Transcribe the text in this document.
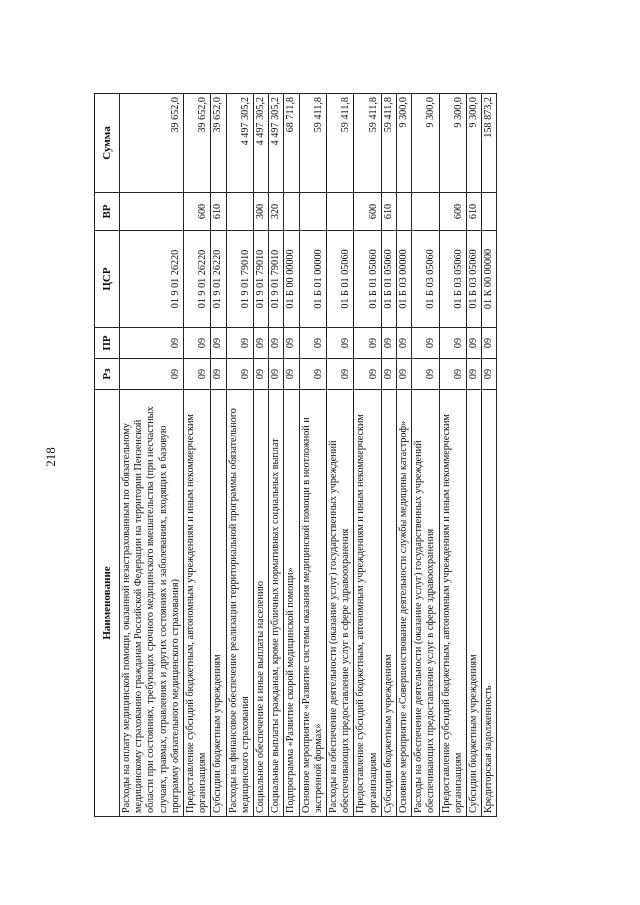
218
Наименование	Рз	ПР	ЦСР	ВР	Сумма
Расходы на оплату медицинской помощи, оказанной незастрахованным по обязательному медицинскому страхованию гражданам Российской Федерации на территории Пензенской области при состояниях, требующих срочного медицинского вмешательства (при несчастных случаях, травмах, отравлениях и других состояниях и заболеваниях, входящих в базовую программу обязательного медицинского страхования)	09	09	01 9 01 26220		39 652,0
Предоставление субсидий бюджетным, автономным учреждениям и иным некоммерческим организациям	09	09	01 9 01 26220	600	39 652,0
Субсидии бюджетным учреждениям	09	09	01 9 01 26220	610	39 652,0
Расходы на финансовое обеспечение реализации территориальной программы обязательного медицинского страхования	09	09	01 9 01 79010		4 497 305,2
Социальное обеспечение и иные выплаты населению	09	09	01 9 01 79010	300	4 497 305,2
Социальные выплаты гражданам, кроме публичных нормативных социальных выплат	09	09	01 9 01 79010	320	4 497 305,2
Подпрограмма «Развитие скорой медицинской помощи»	09	09	01 Б 00 00000		68 711,8
Основное мероприятие «Развитие системы оказания медицинской помощи в неотложной и экстренной формах»	09	09	01 Б 01 00000		59 411,8
Расходы на обеспечение деятельности (оказание услуг) государственных учреждений обеспечивающих предоставление услуг в сфере здравоохранения	09	09	01 Б 01 05060		59 411,8
Предоставление субсидий бюджетным, автономным учреждениям и иным некоммерческим организациям	09	09	01 Б 01 05060	600	59 411,8
Субсидии бюджетным учреждениям	09	09	01 Б 01 05060	610	59 411,8
Основное мероприятие «Совершенствование деятельности службы медицины катастроф»	09	09	01 Б 03 00000		9 300,0
Расходы на обеспечение деятельности (оказание услуг) государственных учреждений обеспечивающих предоставление услуг в сфере здравоохранения	09	09	01 Б 03 05060		9 300,0
Предоставление субсидий бюджетным, автономным учреждениям и иным некоммерческим организациям	09	09	01 Б 03 05060	600	9 300,0
Субсидии бюджетным учреждениям	09	09	01 Б 03 05060	610	9 300,0
Кредиторская задолженность	09	09	01 К 00 00000		158 873,2
